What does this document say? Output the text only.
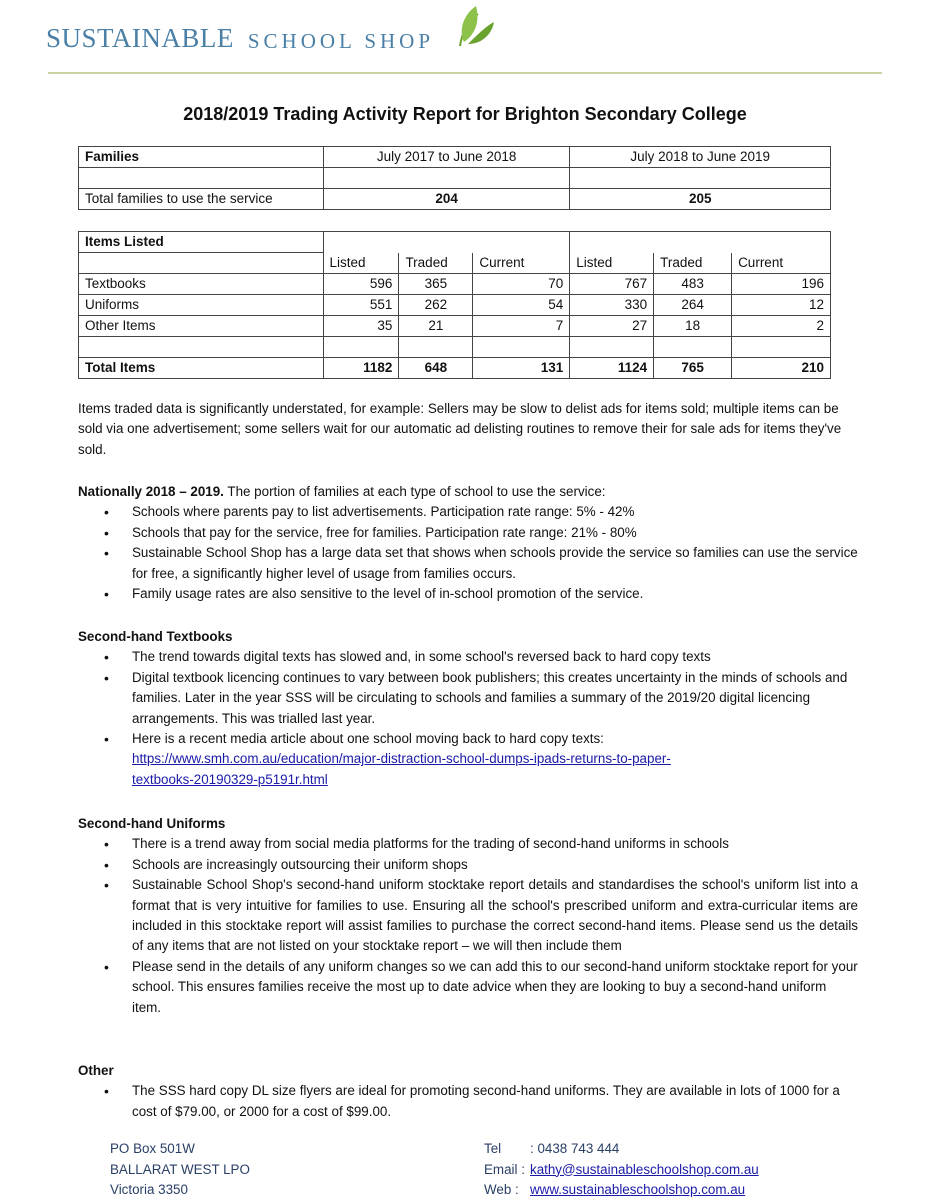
SUSTAINABLE SCHOOL SHOP
2018/2019 Trading Activity Report for Brighton Secondary College
Families	July 2017 to June 2018	July 2018 to June 2019

Total families to use the service	204	205
Items Listed						
	Listed	Traded	Current	Listed	Traded	Current
Textbooks	596	365	70	767	483	196
Uniforms	551	262	54	330	264	12
Other Items	35	21	7	27	18	2

Total Items	1182	648	131	1124	765	210
Items traded data is significantly understated, for example: Sellers may be slow to delist ads for items sold; multiple items can be sold via one advertisement; some sellers wait for our automatic ad delisting routines to remove their for sale ads for items they've sold.
Nationally 2018 – 2019. The portion of families at each type of school to use the service:
• Schools where parents pay to list advertisements. Participation rate range: 5% - 42%
• Schools that pay for the service, free for families. Participation rate range: 21% - 80%
• Sustainable School Shop has a large data set that shows when schools provide the service so families can use the service for free, a significantly higher level of usage from families occurs.
• Family usage rates are also sensitive to the level of in-school promotion of the service.
Second-hand Textbooks
• The trend towards digital texts has slowed and, in some school's reversed back to hard copy texts
• Digital textbook licencing continues to vary between book publishers; this creates uncertainty in the minds of schools and families. Later in the year SSS will be circulating to schools and families a summary of the 2019/20 digital licencing arrangements. This was trialled last year.
• Here is a recent media article about one school moving back to hard copy texts:
https://www.smh.com.au/education/major-distraction-school-dumps-ipads-returns-to-paper-
textbooks-20190329-p5191r.html
Second-hand Uniforms
• There is a trend away from social media platforms for the trading of second-hand uniforms in schools
• Schools are increasingly outsourcing their uniform shops
• Sustainable School Shop's second-hand uniform stocktake report details and standardises the school's uniform list into a format that is very intuitive for families to use. Ensuring all the school's prescribed uniform and extra-curricular items are included in this stocktake report will assist families to purchase the correct second-hand items. Please send us the details of any items that are not listed on your stocktake report – we will then include them
• Please send in the details of any uniform changes so we can add this to our second-hand uniform stocktake report for your school. This ensures families receive the most up to date advice when they are looking to buy a second-hand uniform item.
Other
• The SSS hard copy DL size flyers are ideal for promoting second-hand uniforms. They are available in lots of 1000 for a cost of $79.00, or 2000 for a cost of $99.00.
PO Box 501W
BALLARAT WEST LPO
Victoria 3350
Tel : 0438 743 444
Email : kathy@sustainableschoolshop.com.au
Web : www.sustainableschoolshop.com.au
